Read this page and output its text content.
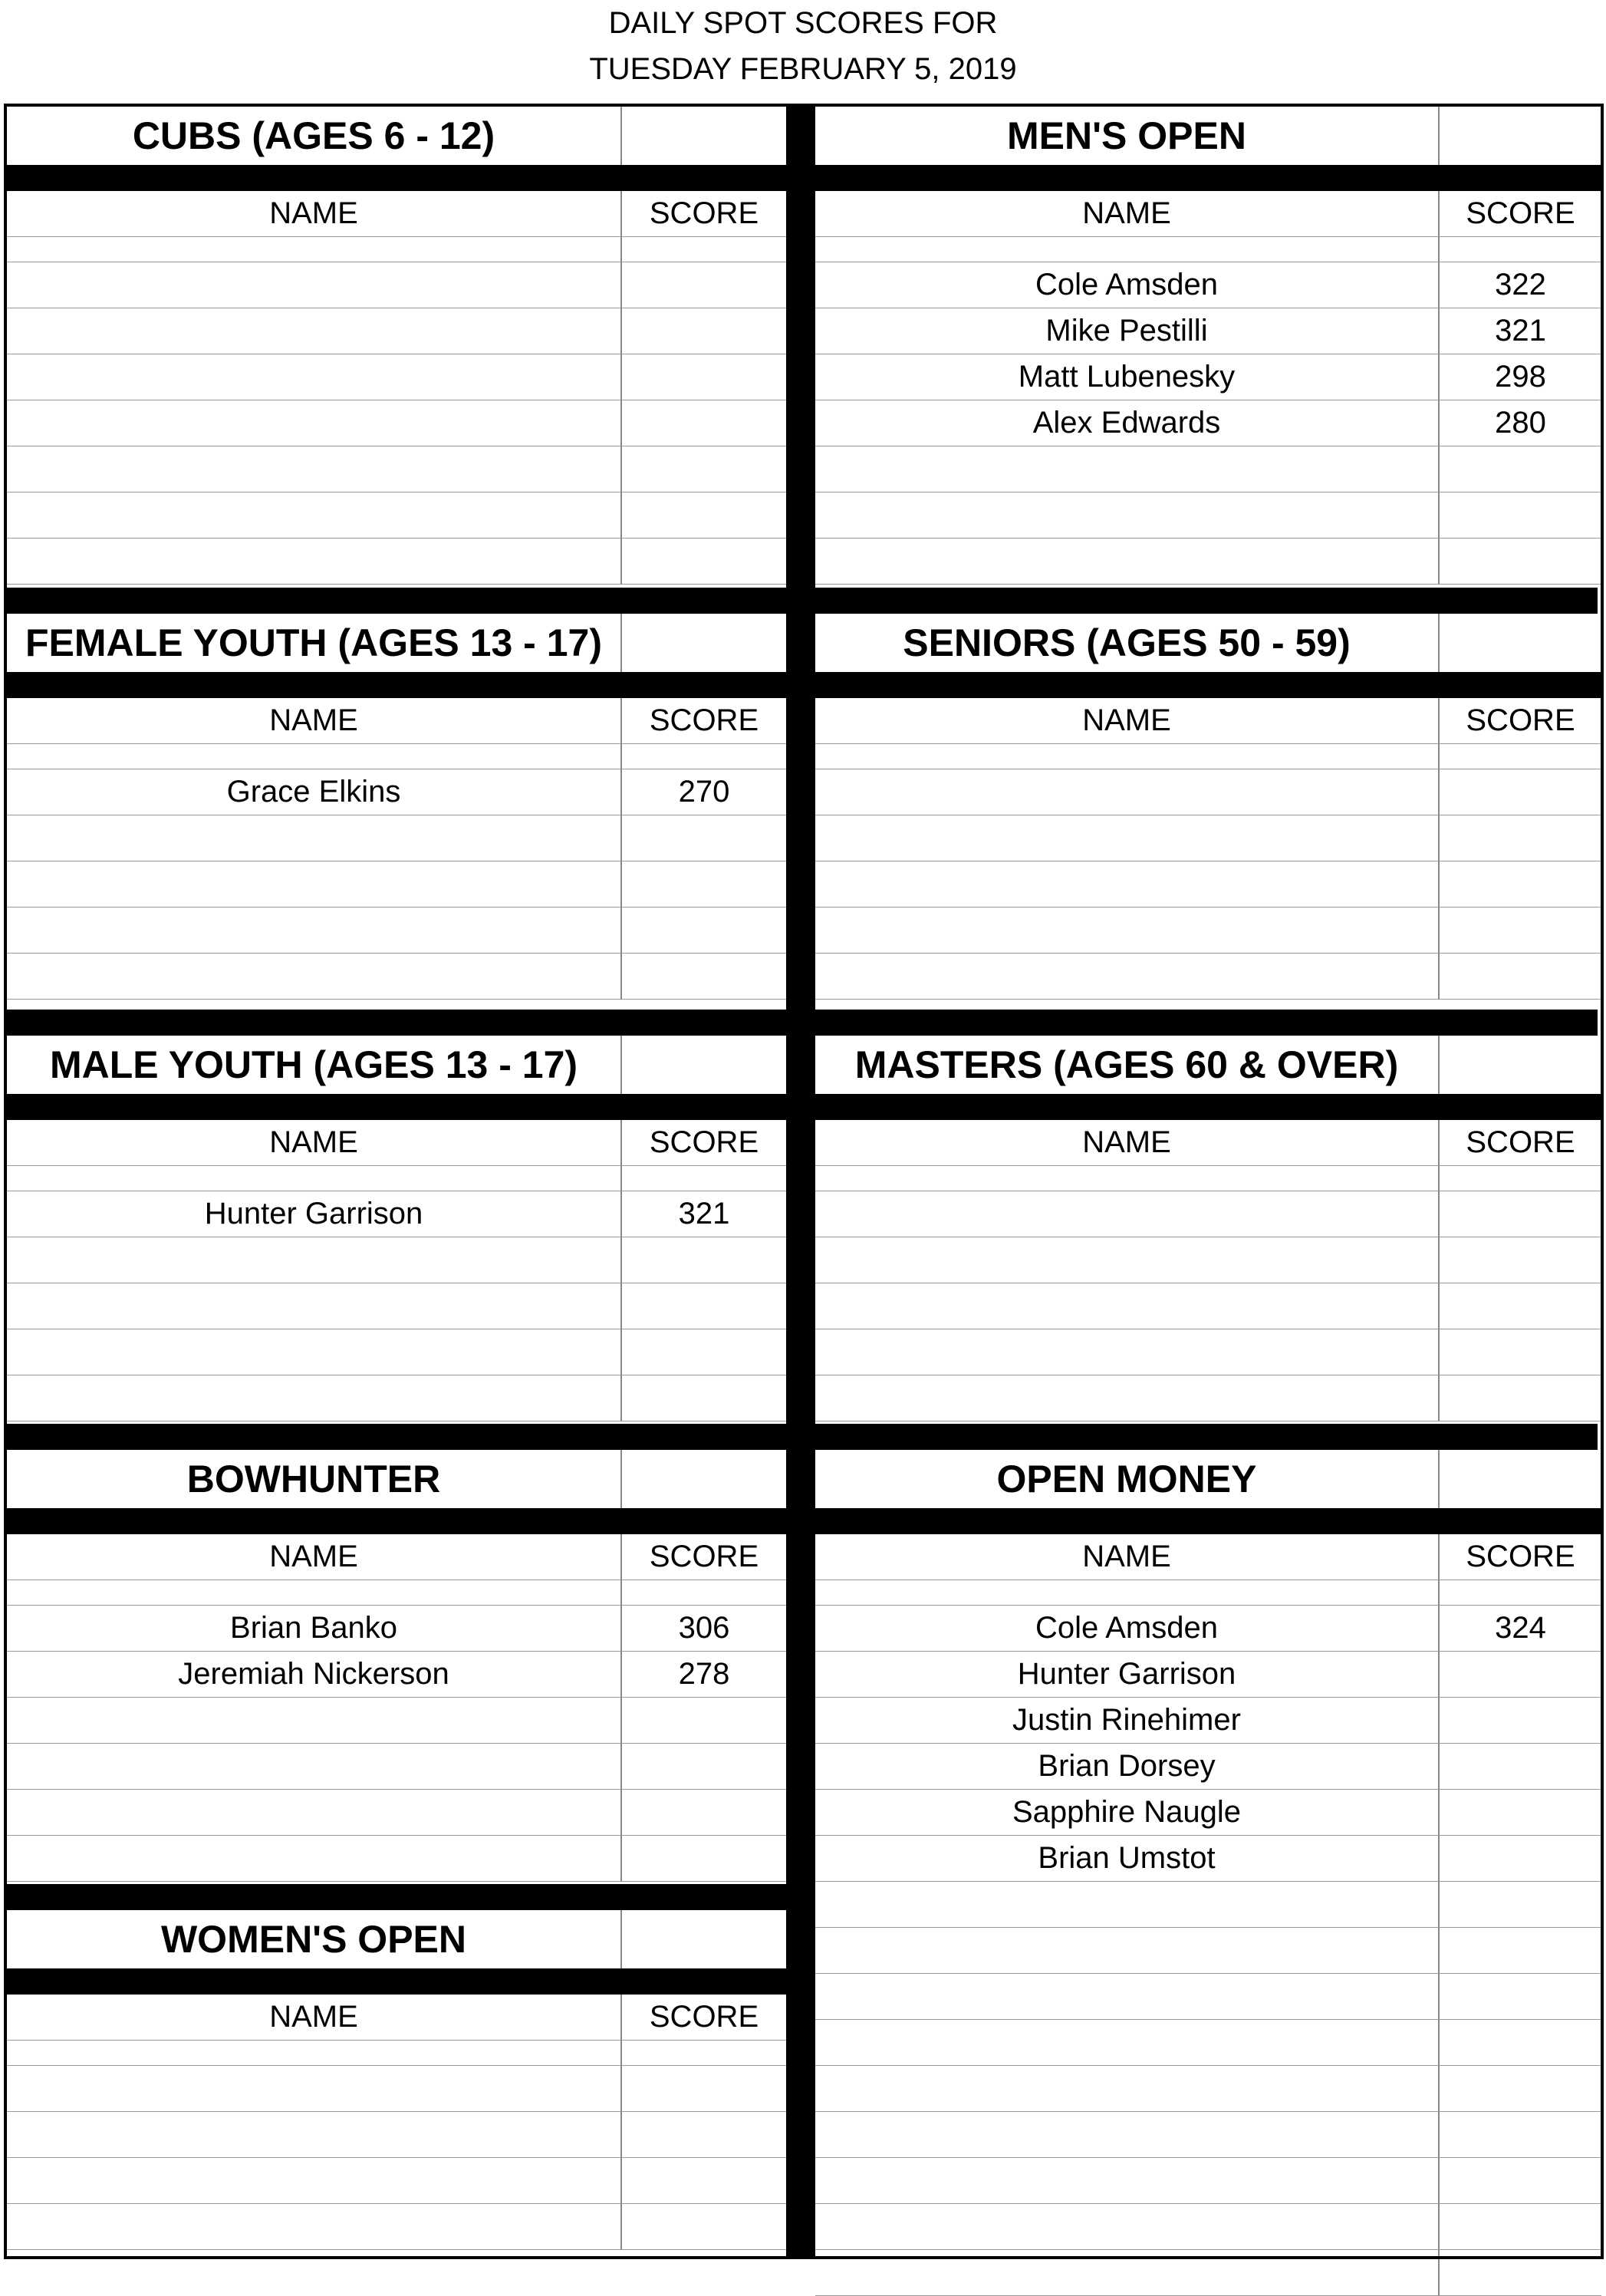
DAILY SPOT SCORES FOR
TUESDAY FEBRUARY 5, 2019
CUBS (AGES 6 - 12)
NAME	SCORE
MEN'S OPEN
NAME	SCORE
Cole Amsden	322
Mike Pestilli	321
Matt Lubenesky	298
Alex Edwards	280
FEMALE YOUTH (AGES 13 - 17)
NAME	SCORE
Grace Elkins	270
SENIORS (AGES 50 - 59)
NAME	SCORE
MALE YOUTH (AGES 13 - 17)
NAME	SCORE
Hunter Garrison	321
MASTERS (AGES 60 & OVER)
NAME	SCORE
BOWHUNTER
NAME	SCORE
Brian Banko	306
Jeremiah Nickerson	278
OPEN MONEY
NAME	SCORE
Cole Amsden	324
Hunter Garrison
Justin Rinehimer
Brian Dorsey
Sapphire Naugle
Brian Umstot
WOMEN'S OPEN
NAME	SCORE
